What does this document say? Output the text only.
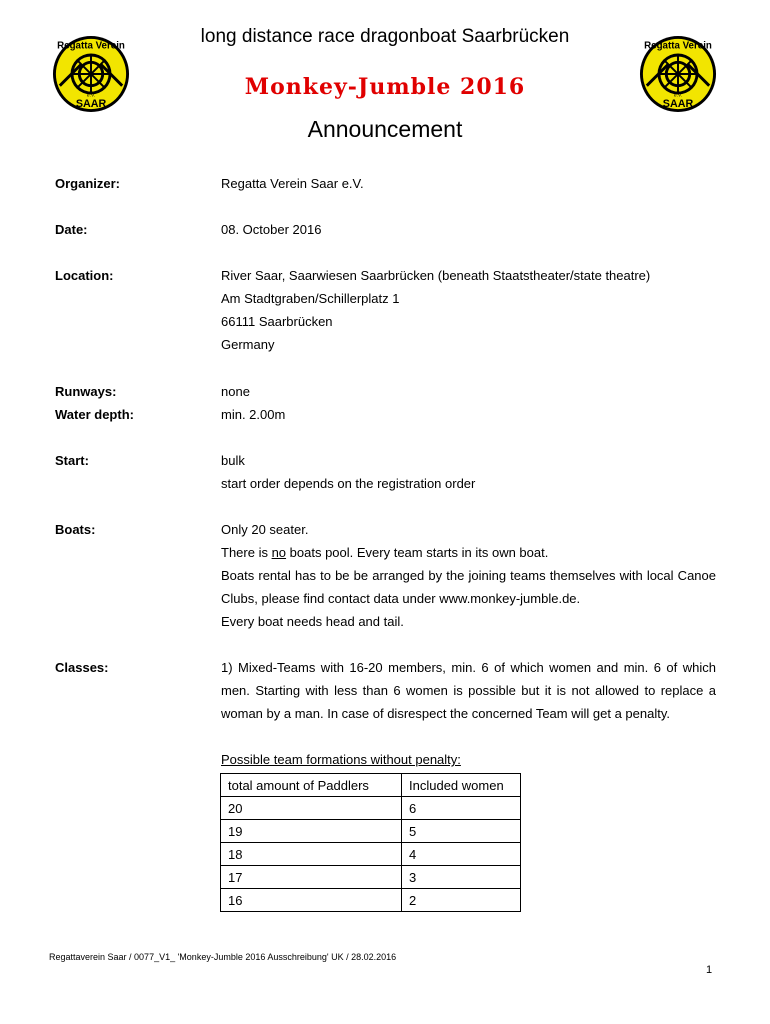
Regatta Verein
SAAR
e.V.
Regatta Verein
SAAR
e.V.
long distance race dragonboat Saarbrücken
Monkey-Jumble 2016
Announcement
Organizer:	Regatta Verein Saar e.V.
Date:	08. October 2016
Location:	River Saar, Saarwiesen Saarbrücken (beneath Staatstheater/state theatre)
Am Stadtgraben/Schillerplatz 1
66111 Saarbrücken
Germany
Runways:	none
Water depth:	min. 2.00m
Start:	bulk
start order depends on the registration order
Boats:	Only 20 seater.
There is no boats pool. Every team starts in its own boat.
Boats rental has to be be arranged by the joining teams themselves with local Canoe Clubs, please find contact data under www.monkey-jumble.de.
Every boat needs head and tail.
Classes:	1) Mixed-Teams with 16-20 members, min. 6 of which women and min. 6 of which men. Starting with less than 6 women is possible but it is not allowed to replace a woman by a man. In case of disrespect the concerned Team will get a penalty.
Possible team formations without penalty:
total amount of Paddlers	Included women
20	6
19	5
18	4
17	3
16	2
Regattaverein Saar / 0077_V1_ 'Monkey-Jumble 2016 Ausschreibung' UK / 28.02.2016
1
